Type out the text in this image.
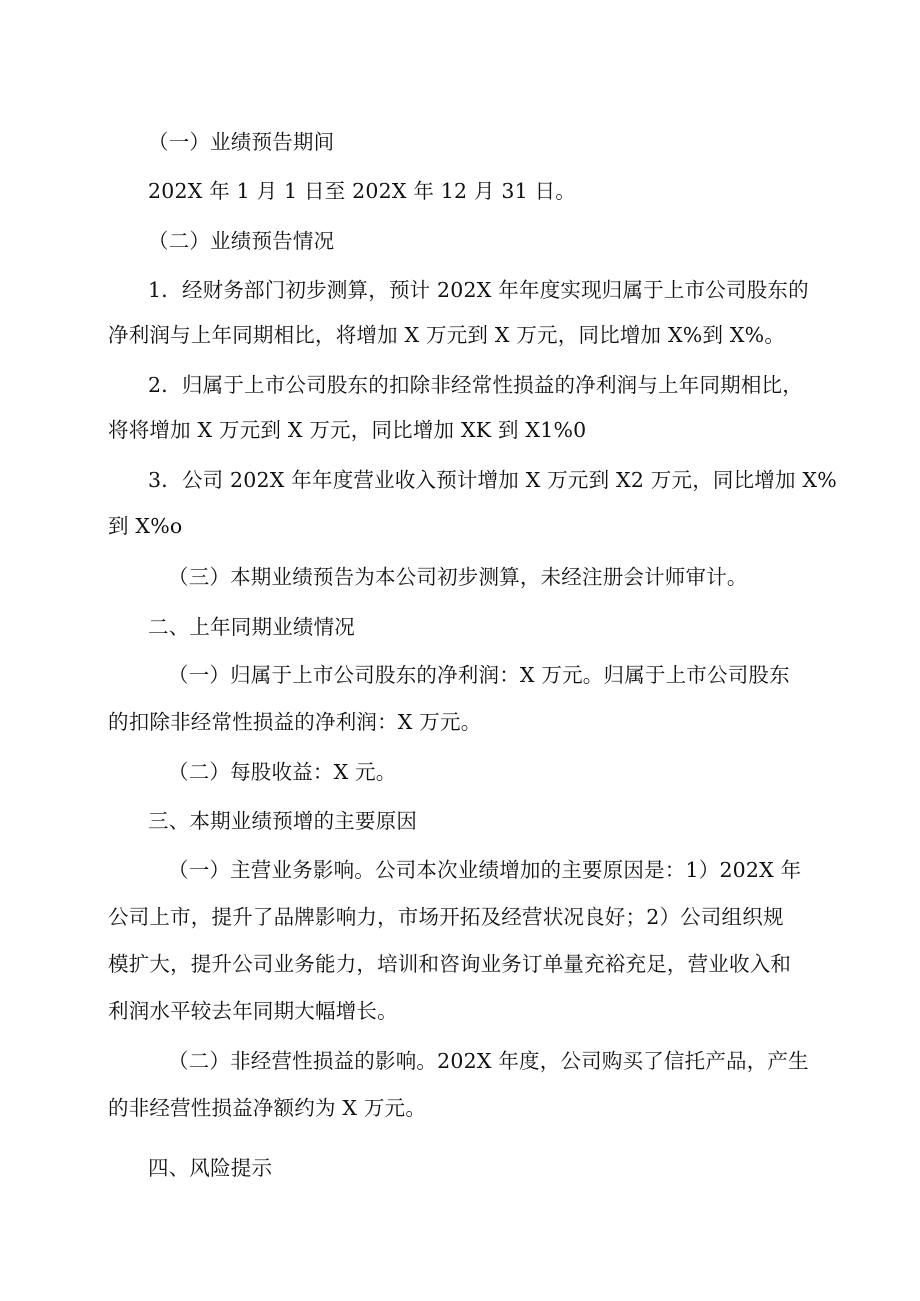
（一）业绩预告期间
202X 年 1 月 1 日至 202X 年 12 月 31 日。
（二）业绩预告情况
1．经财务部门初步测算，预计 202X 年年度实现归属于上市公司股东的
净利润与上年同期相比，将增加 X 万元到 X 万元，同比增加 X%到 X%。
2．归属于上市公司股东的扣除非经常性损益的净利润与上年同期相比，
将将增加 X 万元到 X 万元，同比增加 XK 到 X1%0
3．公司 202X 年年度营业收入预计增加 X 万元到 X2 万元，同比增加 X%
到 X%o
（三）本期业绩预告为本公司初步测算，未经注册会计师审计。
二、上年同期业绩情况
（一）归属于上市公司股东的净利润：X 万元。归属于上市公司股东
的扣除非经常性损益的净利润：X 万元。
（二）每股收益：X 元。
三、本期业绩预增的主要原因
（一）主营业务影响。公司本次业绩增加的主要原因是：1）202X 年
公司上市，提升了品牌影响力，市场开拓及经营状况良好；2）公司组织规
模扩大，提升公司业务能力，培训和咨询业务订单量充裕充足，营业收入和
利润水平较去年同期大幅增长。
（二）非经营性损益的影响。202X 年度，公司购买了信托产品，产生
的非经营性损益净额约为 X 万元。
四、风险提示
